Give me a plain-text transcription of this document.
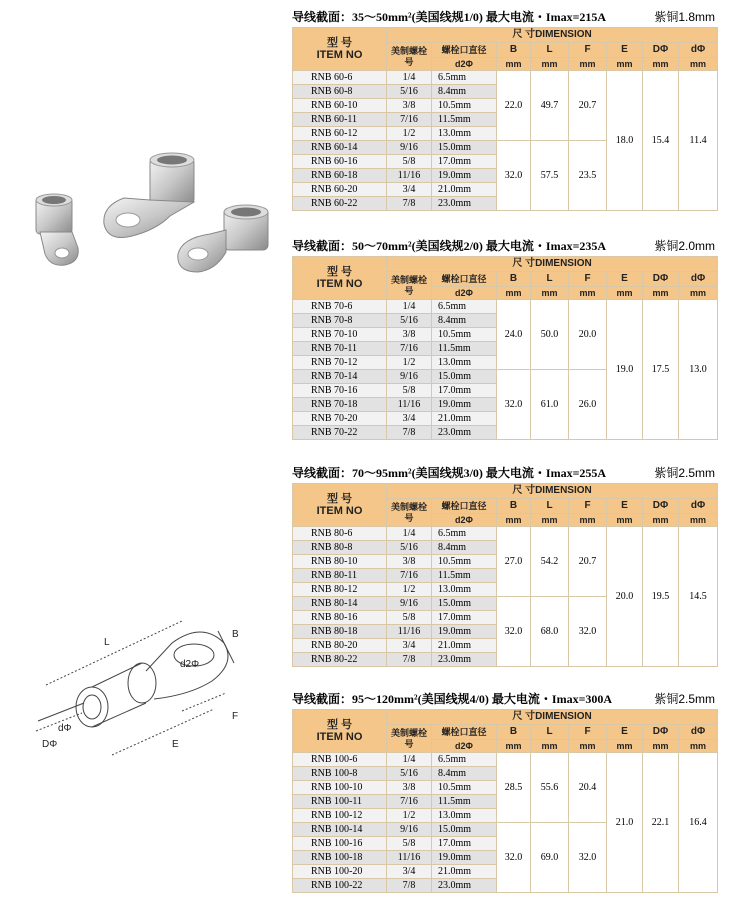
L
B
d2Φ
F
E
dΦ
DΦ
导线截面：35～50mm²(美国线规1/0) 最大电流・Imax=215A	紫铜1.8mm
型 号
ITEM NO	尺 寸DIMENSION							
	美制螺栓号	螺栓口直径	B	L	F	E	DΦ	dΦ
		d2Φ	mm	mm	mm	mm	mm	mm
RNB 60-6	1/4	6.5mm	22.0	49.7	20.7	18.0	15.4	11.4
RNB 60-8	5/16	8.4mm						
RNB 60-10	3/8	10.5mm						
RNB 60-11	7/16	11.5mm						
RNB 60-12	1/2	13.0mm						
RNB 60-14	9/16	15.0mm	32.0	57.5	23.5			
RNB 60-16	5/8	17.0mm						
RNB 60-18	11/16	19.0mm						
RNB 60-20	3/4	21.0mm						
RNB 60-22	7/8	23.0mm						
导线截面：50～70mm²(美国线规2/0) 最大电流・Imax=235A	紫铜2.0mm
型 号
ITEM NO	尺 寸DIMENSION							
	美制螺栓号	螺栓口直径	B	L	F	E	DΦ	dΦ
		d2Φ	mm	mm	mm	mm	mm	mm
RNB 70-6	1/4	6.5mm	24.0	50.0	20.0	19.0	17.5	13.0
RNB 70-8	5/16	8.4mm						
RNB 70-10	3/8	10.5mm						
RNB 70-11	7/16	11.5mm						
RNB 70-12	1/2	13.0mm						
RNB 70-14	9/16	15.0mm	32.0	61.0	26.0			
RNB 70-16	5/8	17.0mm						
RNB 70-18	11/16	19.0mm						
RNB 70-20	3/4	21.0mm						
RNB 70-22	7/8	23.0mm						
导线截面：70～95mm²(美国线规3/0) 最大电流・Imax=255A	紫铜2.5mm
型 号
ITEM NO	尺 寸DIMENSION							
	美制螺栓号	螺栓口直径	B	L	F	E	DΦ	dΦ
		d2Φ	mm	mm	mm	mm	mm	mm
RNB 80-6	1/4	6.5mm	27.0	54.2	20.7	20.0	19.5	14.5
RNB 80-8	5/16	8.4mm						
RNB 80-10	3/8	10.5mm						
RNB 80-11	7/16	11.5mm						
RNB 80-12	1/2	13.0mm						
RNB 80-14	9/16	15.0mm	32.0	68.0	32.0			
RNB 80-16	5/8	17.0mm						
RNB 80-18	11/16	19.0mm						
RNB 80-20	3/4	21.0mm						
RNB 80-22	7/8	23.0mm						
导线截面：95～120mm²(美国线规4/0) 最大电流・Imax=300A	紫铜2.5mm
型 号
ITEM NO	尺 寸DIMENSION							
	美制螺栓号	螺栓口直径	B	L	F	E	DΦ	dΦ
		d2Φ	mm	mm	mm	mm	mm	mm
RNB 100-6	1/4	6.5mm	28.5	55.6	20.4	21.0	22.1	16.4
RNB 100-8	5/16	8.4mm						
RNB 100-10	3/8	10.5mm						
RNB 100-11	7/16	11.5mm						
RNB 100-12	1/2	13.0mm						
RNB 100-14	9/16	15.0mm	32.0	69.0	32.0			
RNB 100-16	5/8	17.0mm						
RNB 100-18	11/16	19.0mm						
RNB 100-20	3/4	21.0mm						
RNB 100-22	7/8	23.0mm						
